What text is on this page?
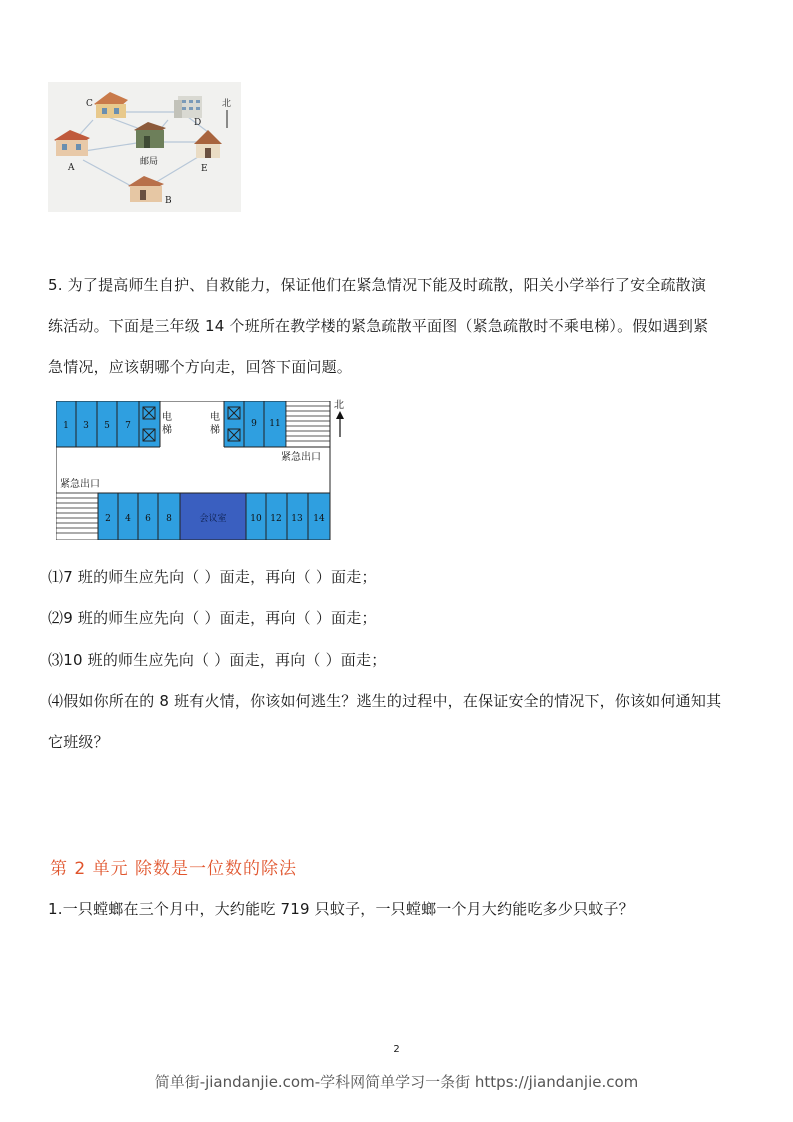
C
D
A	E
B
邮局
北
5. 为了提高师生自护、自救能力，保证他们在紧急情况下能及时疏散，阳关小学举行了安全疏散演
练活动。下面是三年级 14 个班所在教学楼的紧急疏散平面图（紧急疏散时不乘电梯）。假如遇到紧
急情况，应该朝哪个方向走，回答下面问题。
1 3 5 7	9 11
2 4 6 8	10 12 13 14
电
梯
电
梯
紧急出口
紧急出口
会议室
北
⑴7 班的师生应先向（ ）面走，再向（ ）面走；
⑵9 班的师生应先向（ ）面走，再向（ ）面走；
⑶10 班的师生应先向（ ）面走，再向（ ）面走；
⑷假如你所在的 8 班有火情，你该如何逃生？逃生的过程中，在保证安全的情况下，你该如何通知其
它班级？
第 2 单元 除数是一位数的除法
1.一只螳螂在三个月中，大约能吃 719 只蚊子，一只螳螂一个月大约能吃多少只蚊子？
2
简单街-jiandanjie.com-学科网简单学习一条街 https://jiandanjie.com
